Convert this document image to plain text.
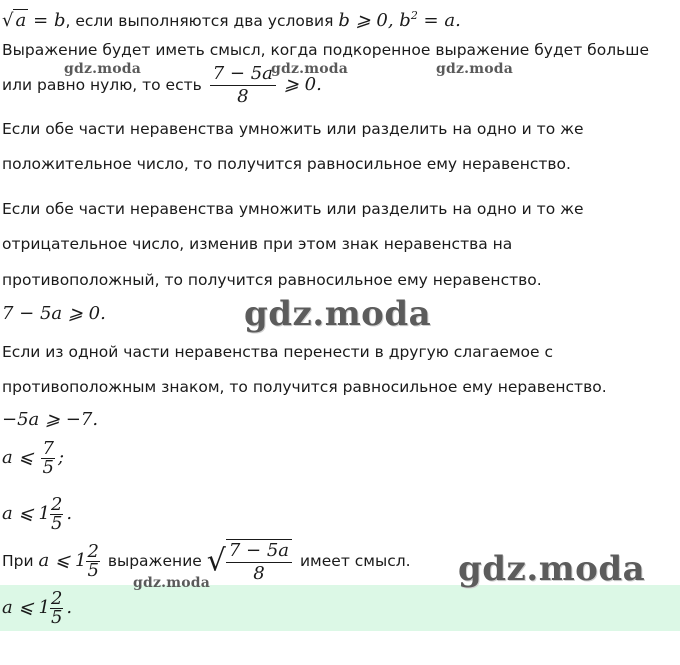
√ a = b, если выполняются два условия b ⩾ 0, $b^2 = a$.
Выражение будет иметь смысл, когда подкоренное выражение будет больше
или равно нулю, то есть $\frac{7 - 5a}{8}$ ⩾ 0.
Если обе части неравенства умножить или разделить на одно и то же
положительное число, то получится равносильное ему неравенство.
Если обе части неравенства умножить или разделить на одно и то же
отрицательное число, изменив при этом знак неравенства на
противоположный, то получится равносильное ему неравенство.
7 − 5a ⩾ 0.
Если из одной части неравенства перенести в другую слагаемое с
противоположным знаком, то получится равносильное ему неравенство.
−5a ⩾ −7.
a ⩽ $\frac{7}{5}$ ;
a ⩽ $1 \frac{2}{5}$ .
При a ⩽ $1 \frac{2}{5}$ выражение √ $\frac{7 - 5a}{8}$ имеет смысл.
a ⩽ $1 \frac{2}{5}$ .
gdz.moda	gdz.moda	gdz.moda
gdz.moda
gdz.moda
gdz.moda
